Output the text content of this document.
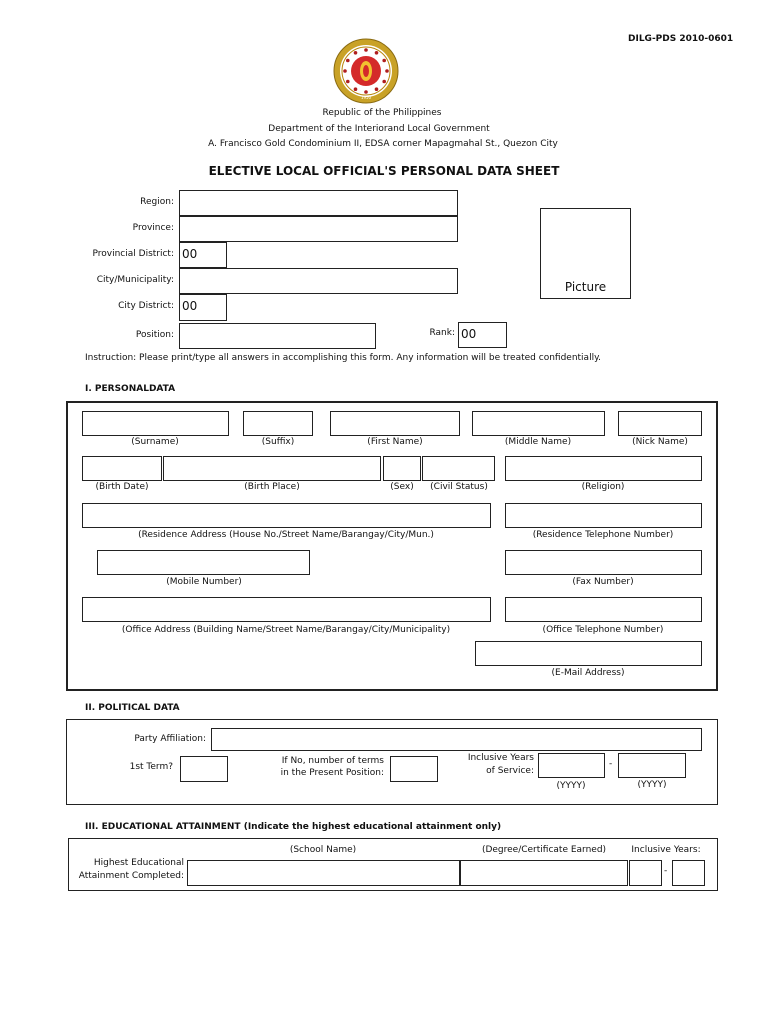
DILG-PDS 2010-0601
1950
Republic of the Philippines
Department of the Interiorand Local Government
A. Francisco Gold Condominium II, EDSA corner Mapagmahal St., Quezon City
ELECTIVE LOCAL OFFICIAL'S PERSONAL DATA SHEET
Region:
Province:
Provincial District: 00
City/Municipality:
City District: 00
Position:	Rank: 00
Picture
Instruction: Please print/type all answers in accomplishing this form. Any information will be treated confidentially.
I. PERSONALDATA
(Surname)	(Suffix)	(First Name)	(Middle Name)	(Nick Name)
(Birth Date)	(Birth Place)	(Sex) (Civil Status)	(Religion)
(Residence Address (House No./Street Name/Barangay/City/Mun.)	(Residence Telephone Number)
(Mobile Number)	(Fax Number)
(Office Address (Building Name/Street Name/Barangay/City/Municipality)	(Office Telephone Number)
(E-Mail Address)
II. POLITICAL DATA
Party Affiliation:
1st Term?
If No, number of terms
in the Present Position:
Inclusive Years
of Service:
-
(YYYY)	(YYYY)
III. EDUCATIONAL ATTAINMENT (Indicate the highest educational attainment only)
(School Name)	(Degree/Certificate Earned)	Inclusive Years:
Highest Educational
Attainment Completed:	-
